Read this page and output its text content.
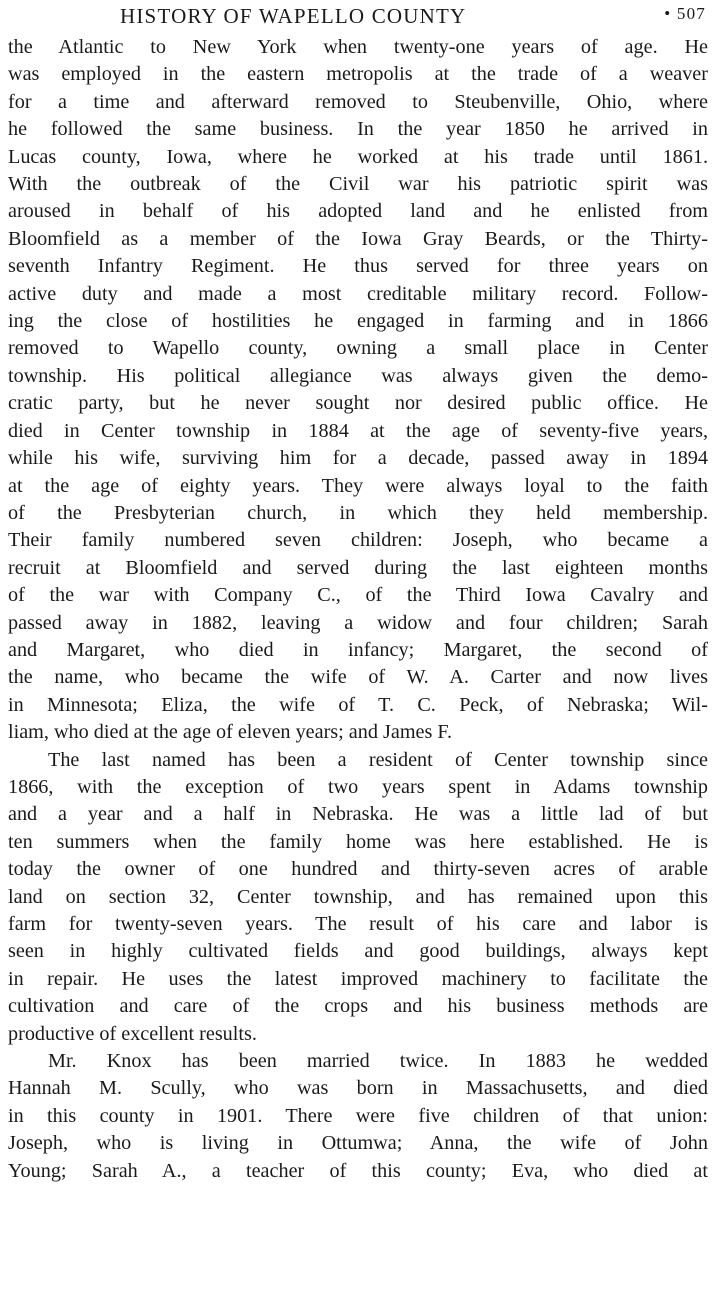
HISTORY OF WAPELLO COUNTY	• 507

the Atlantic to New York when twenty-one years of age. He
was employed in the eastern metropolis at the trade of a weaver
for a time and afterward removed to Steubenville, Ohio, where
he followed the same business. In the year 1850 he arrived in
Lucas county, Iowa, where he worked at his trade until 1861.
With the outbreak of the Civil war his patriotic spirit was
aroused in behalf of his adopted land and he enlisted from
Bloomfield as a member of the Iowa Gray Beards, or the Thirty-
seventh Infantry Regiment. He thus served for three years on
active duty and made a most creditable military record. Follow-
ing the close of hostilities he engaged in farming and in 1866
removed to Wapello county, owning a small place in Center
township. His political allegiance was always given the demo-
cratic party, but he never sought nor desired public office. He
died in Center township in 1884 at the age of seventy-five years,
while his wife, surviving him for a decade, passed away in 1894
at the age of eighty years. They were always loyal to the faith
of the Presbyterian church, in which they held membership.
Their family numbered seven children: Joseph, who became a
recruit at Bloomfield and served during the last eighteen months
of the war with Company C., of the Third Iowa Cavalry and
passed away in 1882, leaving a widow and four children; Sarah
and Margaret, who died in infancy; Margaret, the second of
the name, who became the wife of W. A. Carter and now lives
in Minnesota; Eliza, the wife of T. C. Peck, of Nebraska; Wil-
liam, who died at the age of eleven years; and James F.

The last named has been a resident of Center township since
1866, with the exception of two years spent in Adams township
and a year and a half in Nebraska. He was a little lad of but
ten summers when the family home was here established. He is
today the owner of one hundred and thirty-seven acres of arable
land on section 32, Center township, and has remained upon this
farm for twenty-seven years. The result of his care and labor is
seen in highly cultivated fields and good buildings, always kept
in repair. He uses the latest improved machinery to facilitate the
cultivation and care of the crops and his business methods are
productive of excellent results.

Mr. Knox has been married twice. In 1883 he wedded
Hannah M. Scully, who was born in Massachusetts, and died
in this county in 1901. There were five children of that union:
Joseph, who is living in Ottumwa; Anna, the wife of John
Young; Sarah A., a teacher of this county; Eva, who died at
